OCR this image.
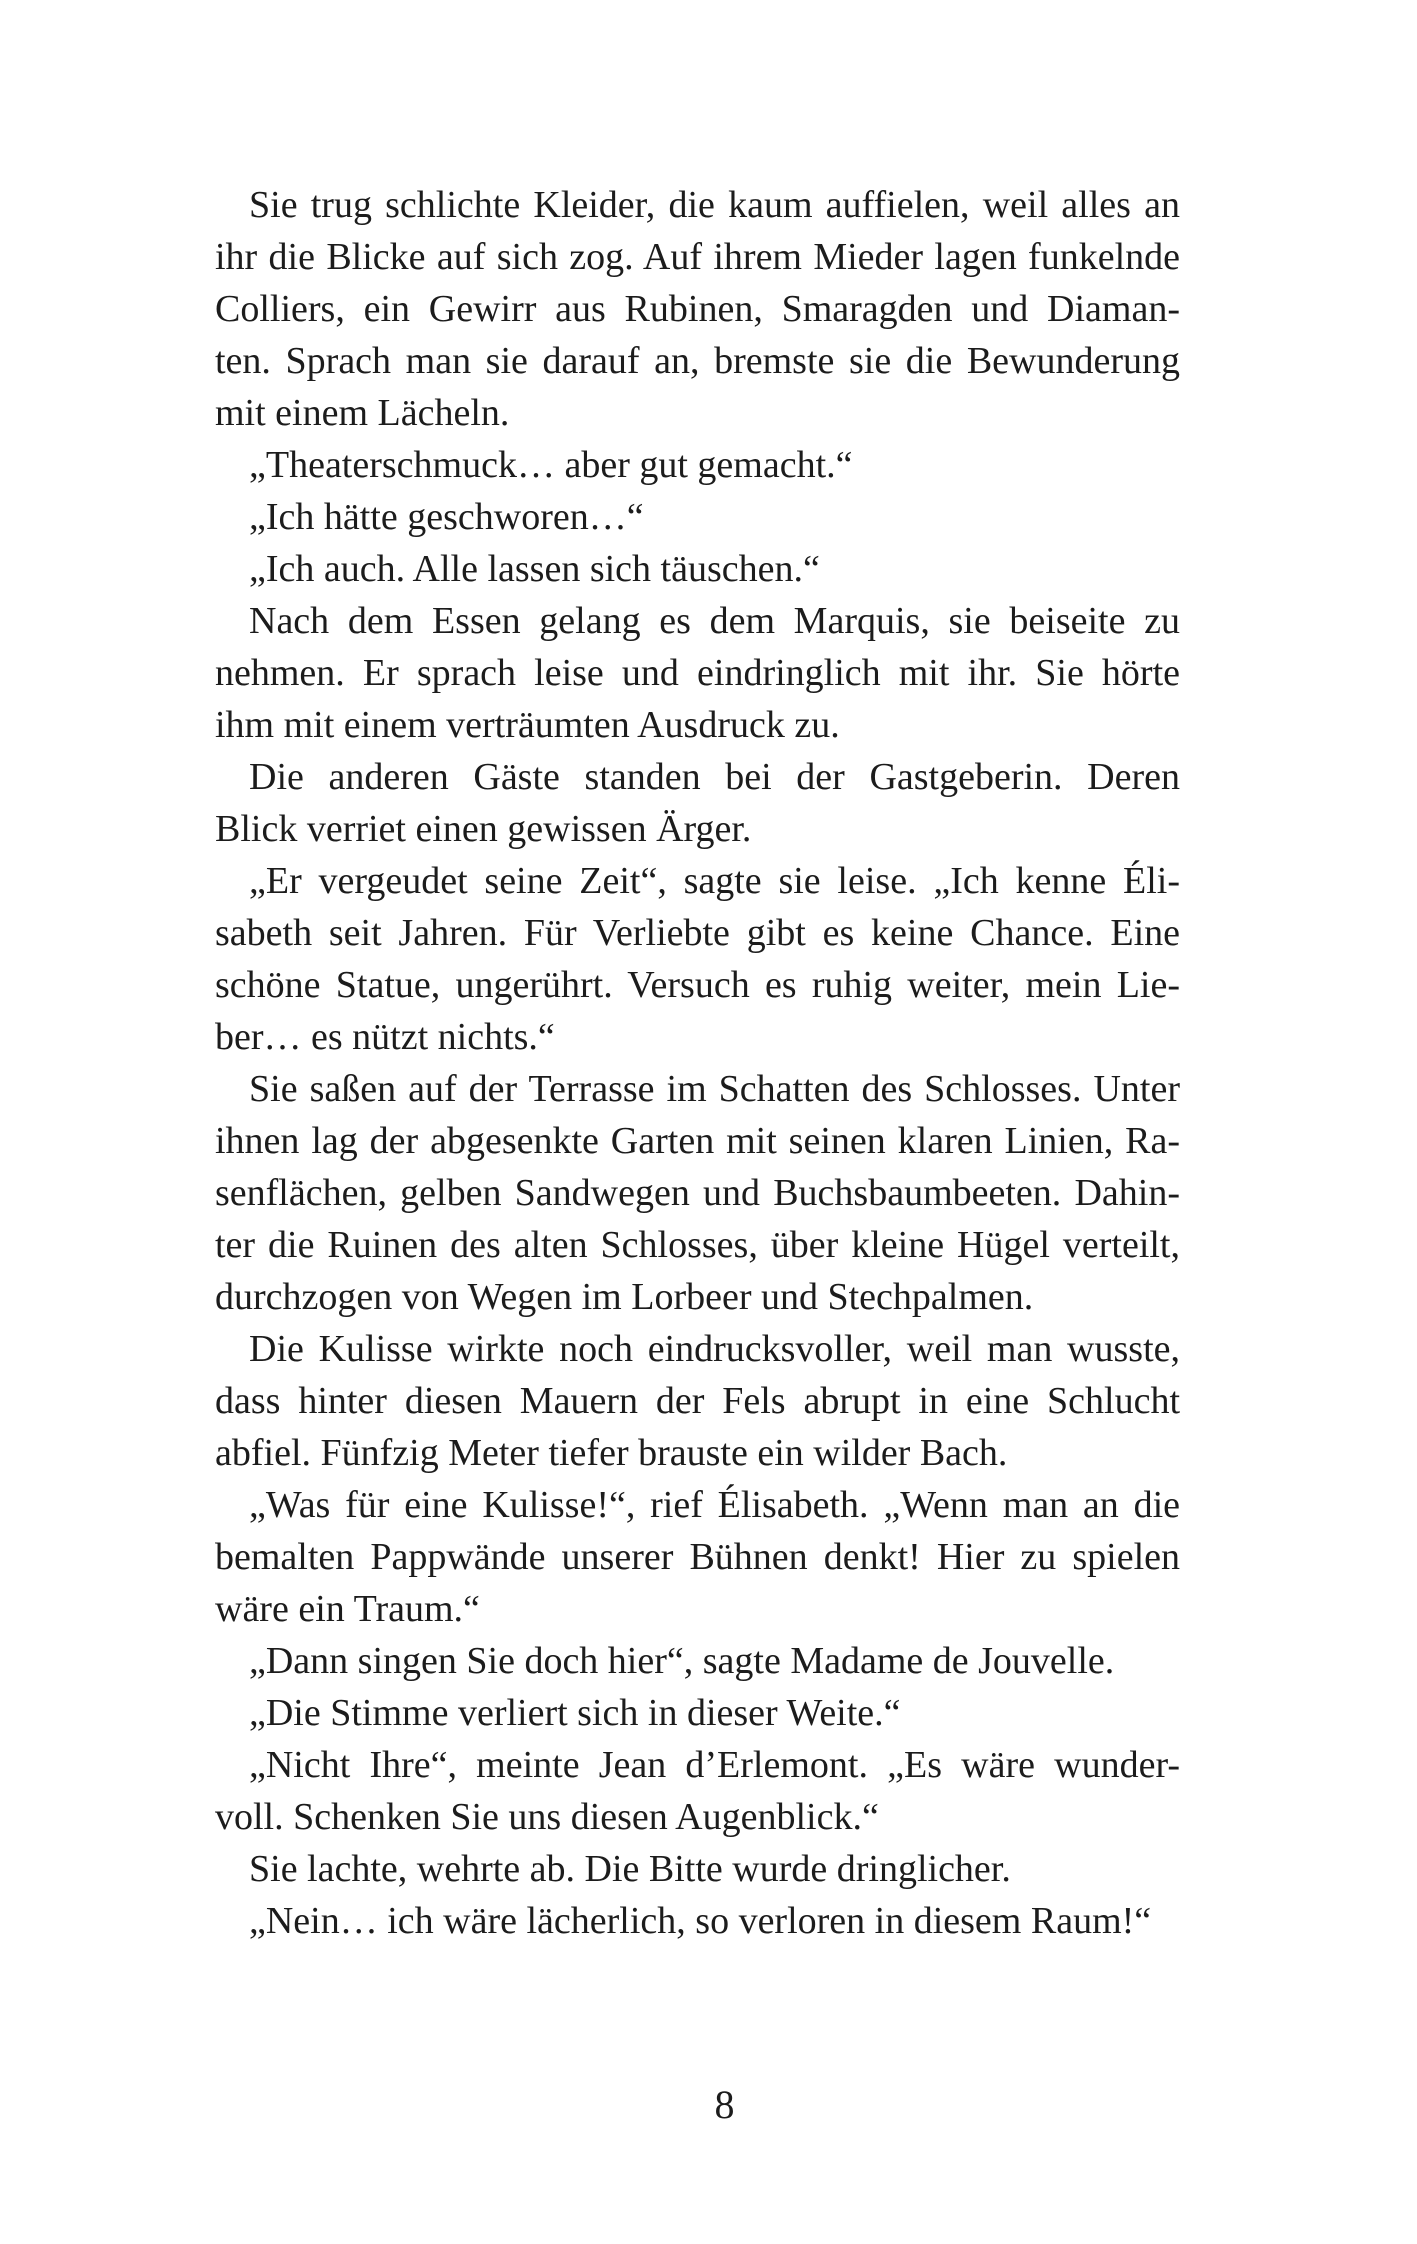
Sie trug schlichte Kleider, die kaum auffielen, weil alles an
ihr die Blicke auf sich zog. Auf ihrem Mieder lagen funkelnde
Colliers, ein Gewirr aus Rubinen, Smaragden und Diaman-
ten. Sprach man sie darauf an, bremste sie die Bewunderung
mit einem Lächeln.
„Theaterschmuck… aber gut gemacht.“
„Ich hätte geschworen…“
„Ich auch. Alle lassen sich täuschen.“
Nach dem Essen gelang es dem Marquis, sie beiseite zu
nehmen. Er sprach leise und eindringlich mit ihr. Sie hörte
ihm mit einem verträumten Ausdruck zu.
Die anderen Gäste standen bei der Gastgeberin. Deren
Blick verriet einen gewissen Ärger.
„Er vergeudet seine Zeit“, sagte sie leise. „Ich kenne Éli-
sabeth seit Jahren. Für Verliebte gibt es keine Chance. Eine
schöne Statue, ungerührt. Versuch es ruhig weiter, mein Lie-
ber… es nützt nichts.“
Sie saßen auf der Terrasse im Schatten des Schlosses. Unter
ihnen lag der abgesenkte Garten mit seinen klaren Linien, Ra-
senflächen, gelben Sandwegen und Buchsbaumbeeten. Dahin-
ter die Ruinen des alten Schlosses, über kleine Hügel verteilt,
durchzogen von Wegen im Lorbeer und Stechpalmen.
Die Kulisse wirkte noch eindrucksvoller, weil man wusste,
dass hinter diesen Mauern der Fels abrupt in eine Schlucht
abfiel. Fünfzig Meter tiefer brauste ein wilder Bach.
„Was für eine Kulisse!“, rief Élisabeth. „Wenn man an die
bemalten Pappwände unserer Bühnen denkt! Hier zu spielen
wäre ein Traum.“
„Dann singen Sie doch hier“, sagte Madame de Jouvelle.
„Die Stimme verliert sich in dieser Weite.“
„Nicht Ihre“, meinte Jean d’Erlemont. „Es wäre wunder-
voll. Schenken Sie uns diesen Augenblick.“
Sie lachte, wehrte ab. Die Bitte wurde dringlicher.
„Nein… ich wäre lächerlich, so verloren in diesem Raum!“
8
